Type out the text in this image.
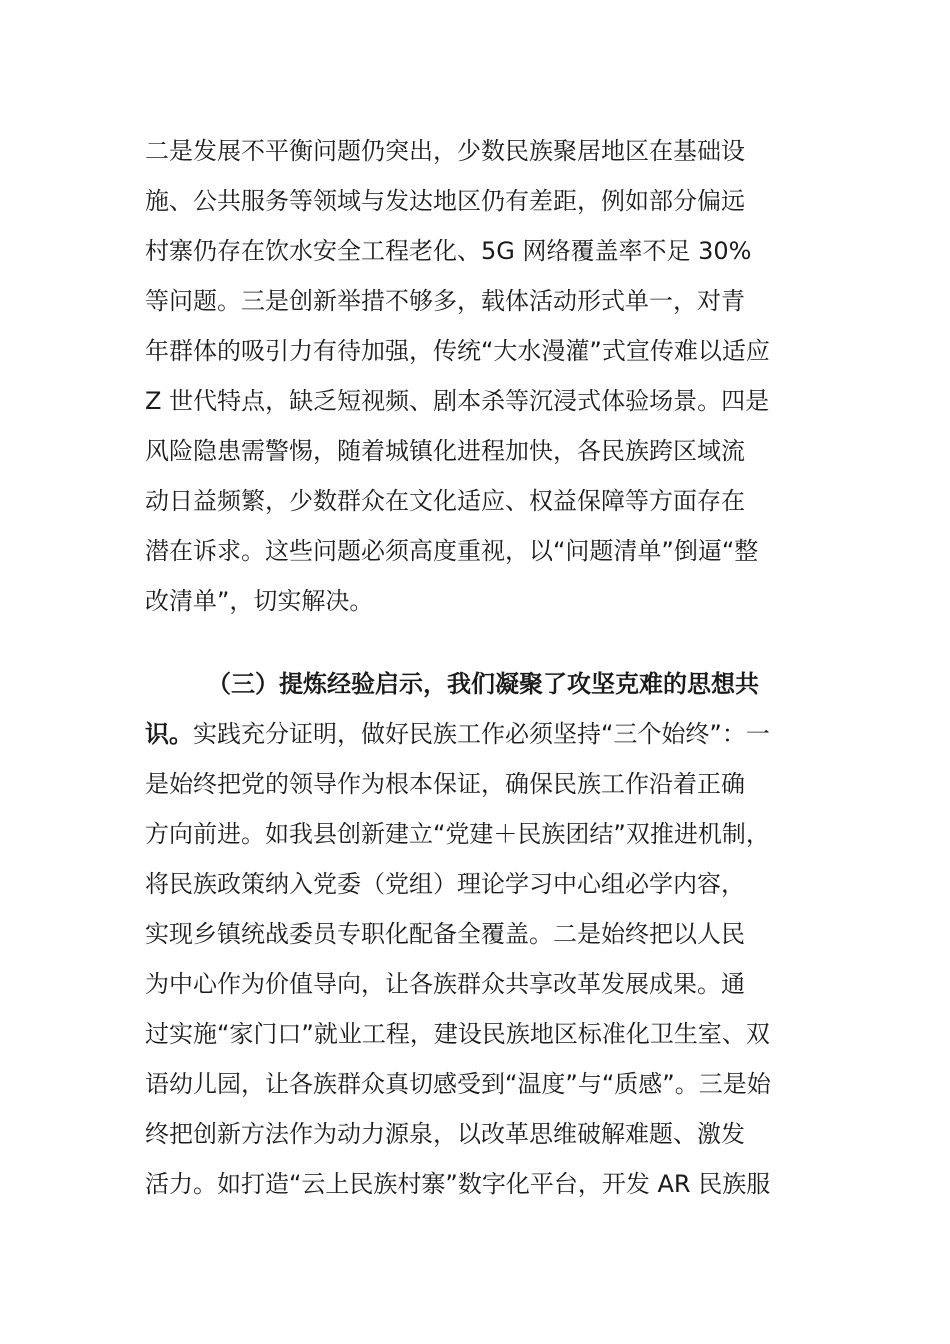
二是发展不平衡问题仍突出，少数民族聚居地区在基础设
施、公共服务等领域与发达地区仍有差距，例如部分偏远
村寨仍存在饮水安全工程老化、5G 网络覆盖率不足 30%
等问题。三是创新举措不够多，载体活动形式单一，对青
年群体的吸引力有待加强，传统“大水漫灌”式宣传难以适应
Z 世代特点，缺乏短视频、剧本杀等沉浸式体验场景。四是
风险隐患需警惕，随着城镇化进程加快，各民族跨区域流
动日益频繁，少数群众在文化适应、权益保障等方面存在
潜在诉求。这些问题必须高度重视，以“问题清单”倒逼“整
改清单”，切实解决。
（三）提炼经验启示，我们凝聚了攻坚克难的思想共
识。实践充分证明，做好民族工作必须坚持“三个始终”：一
是始终把党的领导作为根本保证，确保民族工作沿着正确
方向前进。如我县创新建立“党建＋民族团结”双推进机制，
将民族政策纳入党委（党组）理论学习中心组必学内容，
实现乡镇统战委员专职化配备全覆盖。二是始终把以人民
为中心作为价值导向，让各族群众共享改革发展成果。通
过实施“家门口”就业工程，建设民族地区标准化卫生室、双
语幼儿园，让各族群众真切感受到“温度”与“质感”。三是始
终把创新方法作为动力源泉，以改革思维破解难题、激发
活力。如打造“云上民族村寨”数字化平台，开发 AR 民族服
